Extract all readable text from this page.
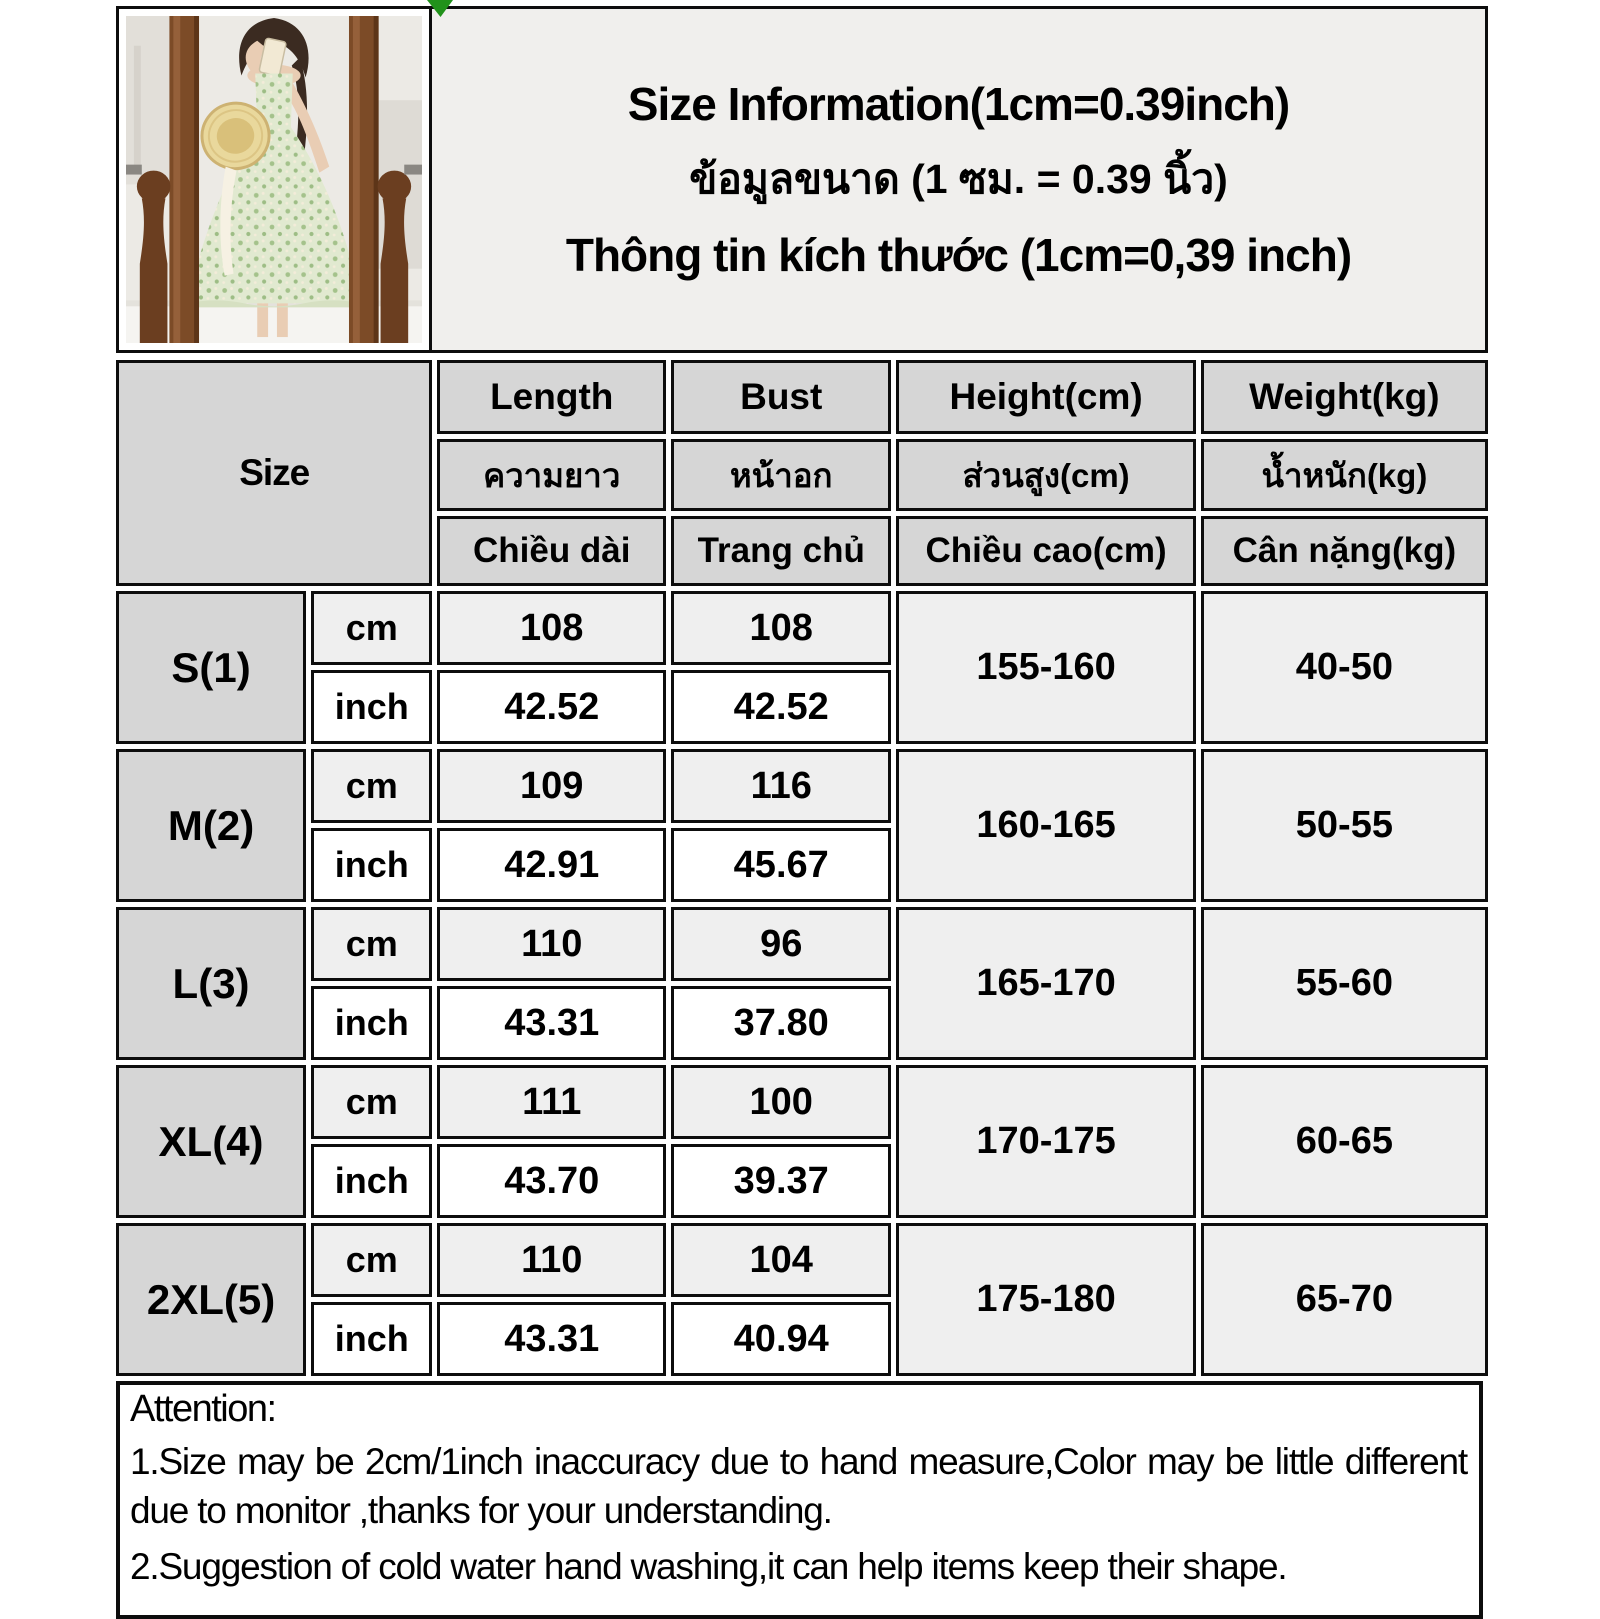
Size Information(1cm=0.39inch)
ข้อมูลขนาด (1 ซม. = 0.39 นิ้ว)
Thông tin kích thước (1cm=0,39 inch)
Size		Length	Bust	Height(cm)	Weight(kg)
		ความยาว	หน้าอก	ส่วนสูง(cm)	น้ำหนัก(kg)
		Chiều dài	Trang chủ	Chiều cao(cm)	Cân nặng(kg)
S(1)	cm	108	108	155-160	40-50
	inch	42.52	42.52		
M(2)	cm	109	116	160-165	50-55
	inch	42.91	45.67		
L(3)	cm	110	96	165-170	55-60
	inch	43.31	37.80		
XL(4)	cm	111	100	170-175	60-65
	inch	43.70	39.37		
2XL(5)	cm	110	104	175-180	65-70
	inch	43.31	40.94		

Attention:

1.Size may be 2cm/1inch inaccuracy due to hand measure,Color may be little different due to monitor ,thanks for your understanding.

2.Suggestion of cold water hand washing,it can help items keep their shape.
